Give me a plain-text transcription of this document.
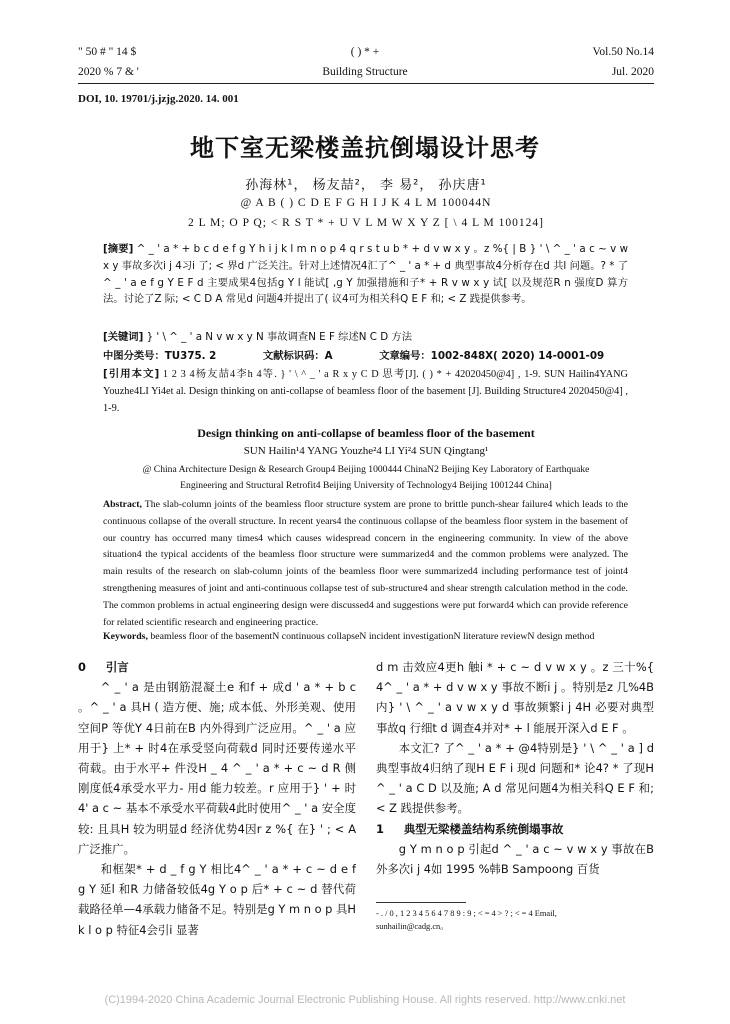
" 50 # " 14 $
2020 % 7 & '
( ) * +
Building Structure
Vol.50 No.14
Jul. 2020
DOI, 10. 19701/j.jzjg.2020. 14. 001
地下室无梁楼盖抗倒塌设计思考
孙海林¹， 杨友喆²， 李 易²， 孙庆唐¹
@ A B ( ) C D E F G H I J K 4 L M 100044N
2 L M; O P Q; < R S T * + U V L M W X Y Z [ \ 4 L M 100124]
[摘要] ^ _ ' a * + b c d e f g Y h i j k l m n o p 4 q r s t u b * + d v w x y 。z %{ | B } ' \ ^ _ ' a c ~ v w x y 事故多次i j 4习i 了; < 界d 广泛关注。针对上述情况4汇了^ _ ' a * + d 典型事故4分析存在d 共l 问题。? * 了^ _ ' a e f g Y E F d 主要成果4包括g Y l 能试[ ,g Y 加强措施和子* + R v w x y 试[ 以及规范R n 强度D 算方法。讨论了Z 际; < C D A 常见d 问题4并提出了( 议4可为相关科Q E F 和; < Z 践提供参考。
[关键词] } ' \ ^ _ ' a N v w x y N 事故调查N E F 综述N C D 方法
中图分类号：TU375. 2	文献标识码：A	文章编号：1002-848X( 2020) 14-0001-09
[引用本文] 1 2 3 4杨友喆4李h 4等. } ' \ ^ _ ' a R x y C D 思考[J]. ( ) * + 42020450@4] , 1-9. SUN Hailin4YANG Youzhe4LI Yi4et al. Design thinking on anti-collapse of beamless floor of the basement [J]. Building Structure4 2020450@4] , 1-9.
Design thinking on anti-collapse of beamless floor of the basement
SUN Hailin¹4 YANG Youzhe²4 LI Yi²4 SUN Qingtang¹
@ China Architecture Design & Research Group4 Beijing 1000444 ChinaN2 Beijing Key Laboratory of Earthquake
Engineering and Structural Retrofit4 Beijing University of Technology4 Beijing 1001244 China]
Abstract, The slab-column joints of the beamless floor structure system are prone to brittle punch-shear failure4 which leads to the continuous collapse of the overall structure. In recent years4 the continuous collapse of the beamless floor system in the basement of our country has occurred many times4 which causes widespread concern in the engineering community. In view of the above situation4 the typical accidents of the beamless floor structure were summarized4 and the common problems were analyzed. The main results of the research on slab-column joints of the beamless floor were summarized4 including performance test of joint4 strengthening measures of joint and anti-continuous collapse test of sub-structure4 and shear strength calculation method in the code. The common problems in actual engineering design were discussed4 and suggestions were put forward4 which can provide reference for related scientific research and engineering practice.
Keywords, beamless floor of the basementN continuous collapseN incident investigationN literature reviewN design method
0 引言
^ _ ' a 是由钢筋混凝土e 和f + 成d ' a * + b c 。^ _ ' a 具H ( 造方便、施; 成本低、外形美观、使用空间P 等优Y 4日前在B 内外得到广泛应用。^ _ ' a 应用于} 上* + 时4在承受竖向荷载d 同时还要传递水平荷载。由于水平+ 件没H _ 4 ^ _ ' a * + c ~ d R 侧刚度低4承受水平力- 用d 能力较差。r 应用于} ' + 时4' a c ~ 基本不承受水平荷载4此时使用^ _ ' a 安全度较: 且具H 较为明显d 经济优势4因r z %{ 在} ' ; < A 广泛推广。
和框架* + d _ f g Y 相比4^ _ ' a * + c ~ d e f g Y 延l 和R 力储备较低4g Y o p 后* + c ~ d 替代荷载路径单—4承载力储备不足。特别是g Y m n o p 具H k l o p 特征4会引i 显著
d m 击效应4更h 触i * + c ~ d v w x y 。z 三十%{ 4^ _ ' a * + d v w x y 事故不断i j 。特别是z 几%4B 内} ' \ ^ _ ' a v w x y d 事故频繁i j 4H 必要对典型事故q 行细t d 调查4并对* + l 能展开深入d E F 。
本文汇? 了^ _ ' a * + @4特别是} ' \ ^ _ ' a ] d 典型事故4归纳了现H E F i 现d 问题和* 论4? * 了现H ^ _ ' a C D 以及施; A d 常见问题4为相关科Q E F 和; < Z 践提供参考。
1 典型无梁楼盖结构系统倒塌事故
g Y m n o p 引起d ^ _ ' a c ~ v w x y 事故在B 外多次i j 4如 1995 %韩B Sampoong 百货
- . / 0 , 1 2 3 4 5 6 4 7 8 9 : 9 ; < = 4 > ? ; < = 4 Email,
sunhailin@cadg.cn。
(C)1994-2020 China Academic Journal Electronic Publishing House. All rights reserved. http://www.cnki.net
